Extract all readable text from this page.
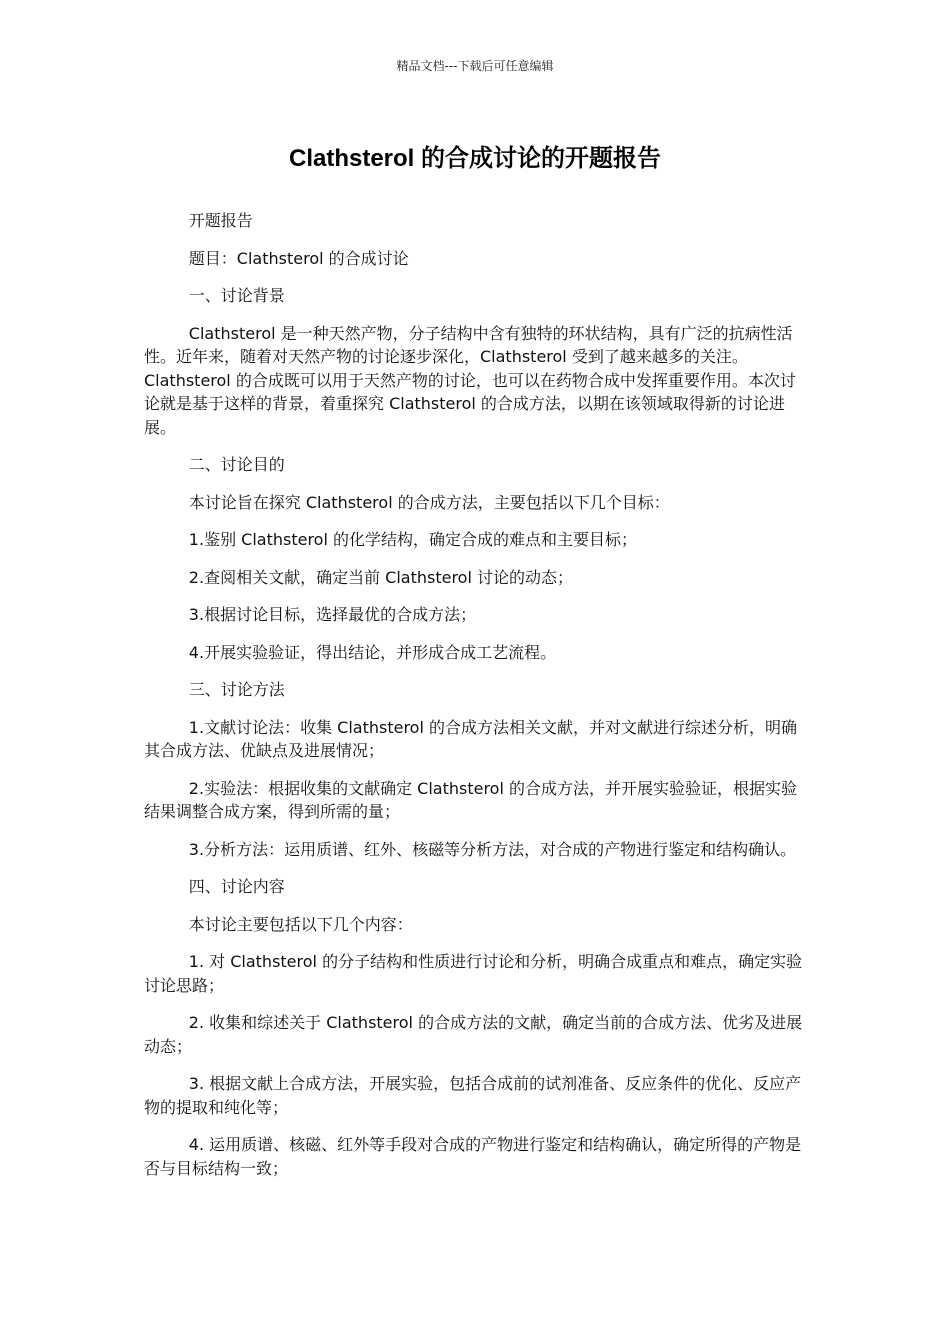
精品文档---下载后可任意编辑
Clathsterol 的合成讨论的开题报告

开题报告

题目：Clathsterol 的合成讨论

一、讨论背景

Clathsterol 是一种天然产物，分子结构中含有独特的环状结构，具有广泛的抗病性活性。近年来，随着对天然产物的讨论逐步深化，Clathsterol 受到了越来越多的关注。Clathsterol 的合成既可以用于天然产物的讨论，也可以在药物合成中发挥重要作用。本次讨论就是基于这样的背景，着重探究 Clathsterol 的合成方法，以期在该领域取得新的讨论进展。

二、讨论目的

本讨论旨在探究 Clathsterol 的合成方法，主要包括以下几个目标：

1.鉴别 Clathsterol 的化学结构，确定合成的难点和主要目标；

2.查阅相关文献，确定当前 Clathsterol 讨论的动态；

3.根据讨论目标，选择最优的合成方法；

4.开展实验验证，得出结论，并形成合成工艺流程。

三、讨论方法

1.文献讨论法：收集 Clathsterol 的合成方法相关文献，并对文献进行综述分析，明确其合成方法、优缺点及进展情况；

2.实验法：根据收集的文献确定 Clathsterol 的合成方法，并开展实验验证，根据实验结果调整合成方案，得到所需的量；

3.分析方法：运用质谱、红外、核磁等分析方法，对合成的产物进行鉴定和结构确认。

四、讨论内容

本讨论主要包括以下几个内容：

1. 对 Clathsterol 的分子结构和性质进行讨论和分析，明确合成重点和难点，确定实验讨论思路；

2. 收集和综述关于 Clathsterol 的合成方法的文献，确定当前的合成方法、优劣及进展动态；

3. 根据文献上合成方法，开展实验，包括合成前的试剂准备、反应条件的优化、反应产物的提取和纯化等；

4. 运用质谱、核磁、红外等手段对合成的产物进行鉴定和结构确认，确定所得的产物是否与目标结构一致；
